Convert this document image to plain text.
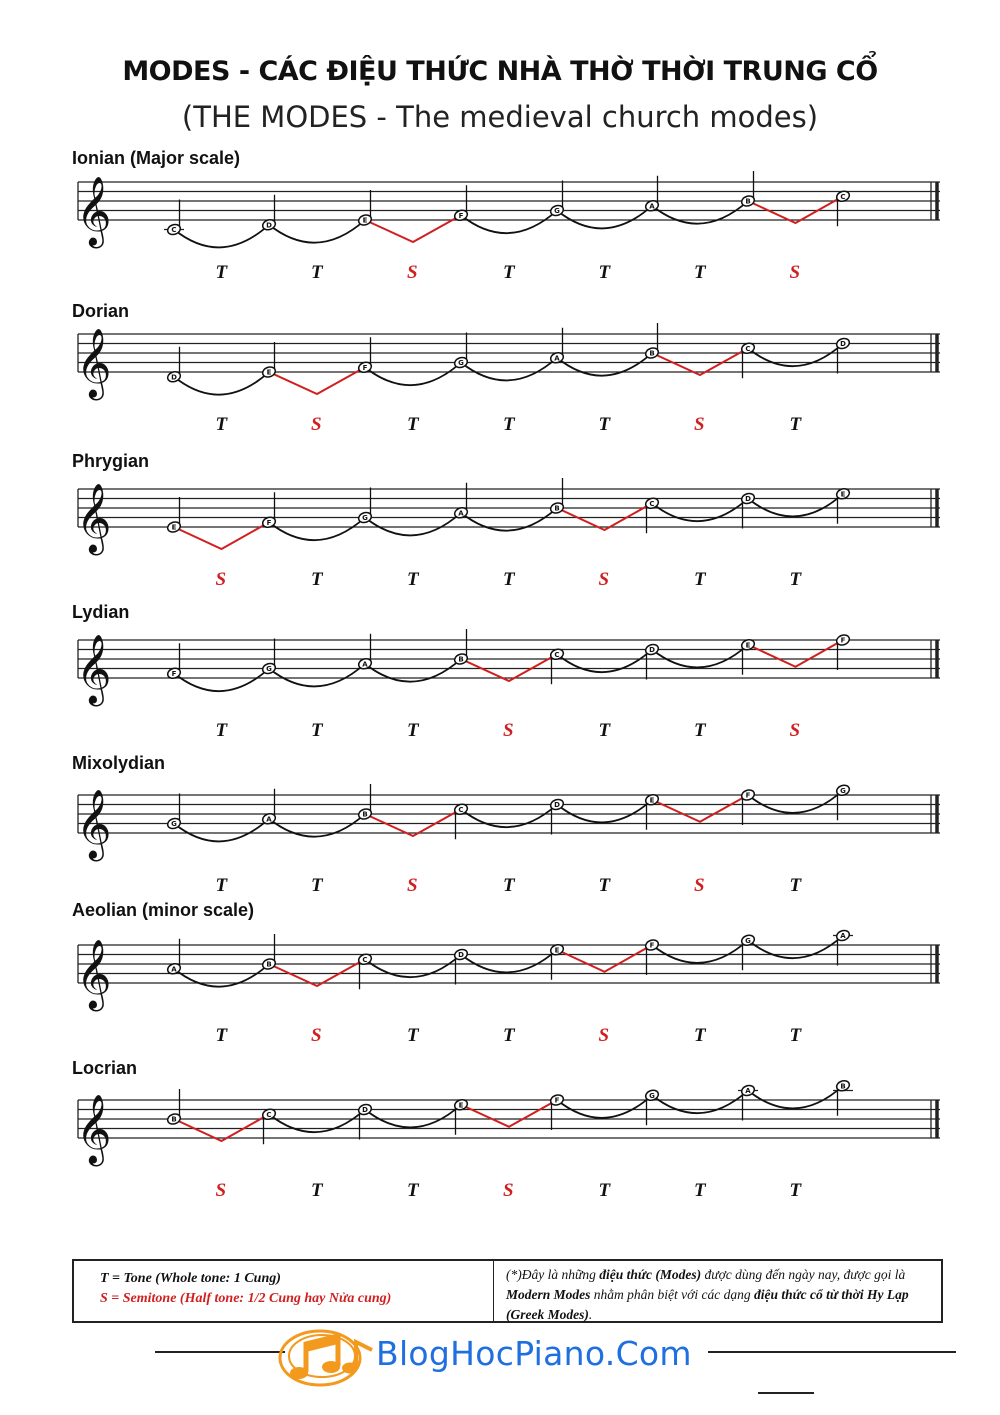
MODES - CÁC ĐIỆU THỨC NHÀ THỜ THỜI TRUNG CỔ
(THE MODES - The medieval church modes)
Ionian (Major scale)
𝄞
T	T	S	T	T	T	S
C
D
E
F
G
A
B
C
Dorian
𝄞
T	S	T	T	T	S	T
D
E
F
G
A
B
C
D
Phrygian
𝄞
S	T	T	T	S	T	T
E
F
G
A
B
C
D
E
Lydian
𝄞
T	T	T	S	T	T	S
F
G
A
B
C
D
E
F
Mixolydian
𝄞
T	T	S	T	T	S	T
G
A
B
C
D
E
F
G
Aeolian (minor scale)
𝄞
T	S	T	T	S	T	T
A
B
C
D
E
F
G
A
Locrian
𝄞
S	T	T	S	T	T	T
B
C
D
E
F
G
A
B
T = Tone (Whole tone: 1 Cung)
S = Semitone (Half tone: 1/2 Cung hay Nửa cung)
(*)Đây là những điệu thức (Modes) được dùng đến ngày nay, được gọi là Modern Modes nhằm phân biệt với các dạng điệu thức cổ từ thời Hy Lạp (Greek Modes).
BlogHocPiano.Com
